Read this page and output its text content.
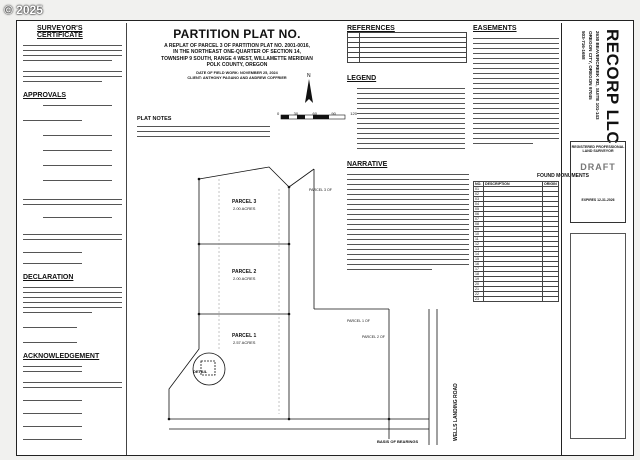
© 2025
SURVEYOR'S CERTIFICATE
APPROVALS
DECLARATION
ACKNOWLEDGEMENT
PARTITION PLAT NO.
A REPLAT OF PARCEL 3 OF PARTITION PLAT NO. 2001-0016,
IN THE NORTHEAST ONE-QUARTER OF SECTION 14,
TOWNSHIP 9 SOUTH, RANGE 4 WEST, WILLAMETTE MERIDIAN
POLK COUNTY, OREGON
DATE OF FIELD WORK: NOVEMBER 25, 2024
CLIENT: ANTHONY PAGANO AND ANDREW COFFRIER	N
0	30	60	90	120
PLAT NOTES
PARCEL 3
2.00 ACRES
PARCEL 2
2.00 ACRES
PARCEL 1
2.57 ACRES
DETAIL
PARCEL 1 OF
PARCEL 2 OF
PARCEL 3 OF
BASIS OF BEARINGS
WELLS LANDING ROAD
REFERENCES

LEGEND
NARRATIVE
EASEMENTS
FOUND MONUMENTS
NO.	DESCRIPTION	ORIGIN
01		
02		
03		
04		
05		
06		
07		
08		
09		
10		
11		
12		
13		
14		
15		
16		
17		
18		
19		
20		
21		
22		
23		
RECORP LLC
2630 BEAVERCREEK RD, SUITE 101-143
OREGON CITY, OREGON 97045
503-716-1658
REGISTERED PROFESSIONAL LAND SURVEYOR
DRAFT
EXPIRES 12-31-2026
